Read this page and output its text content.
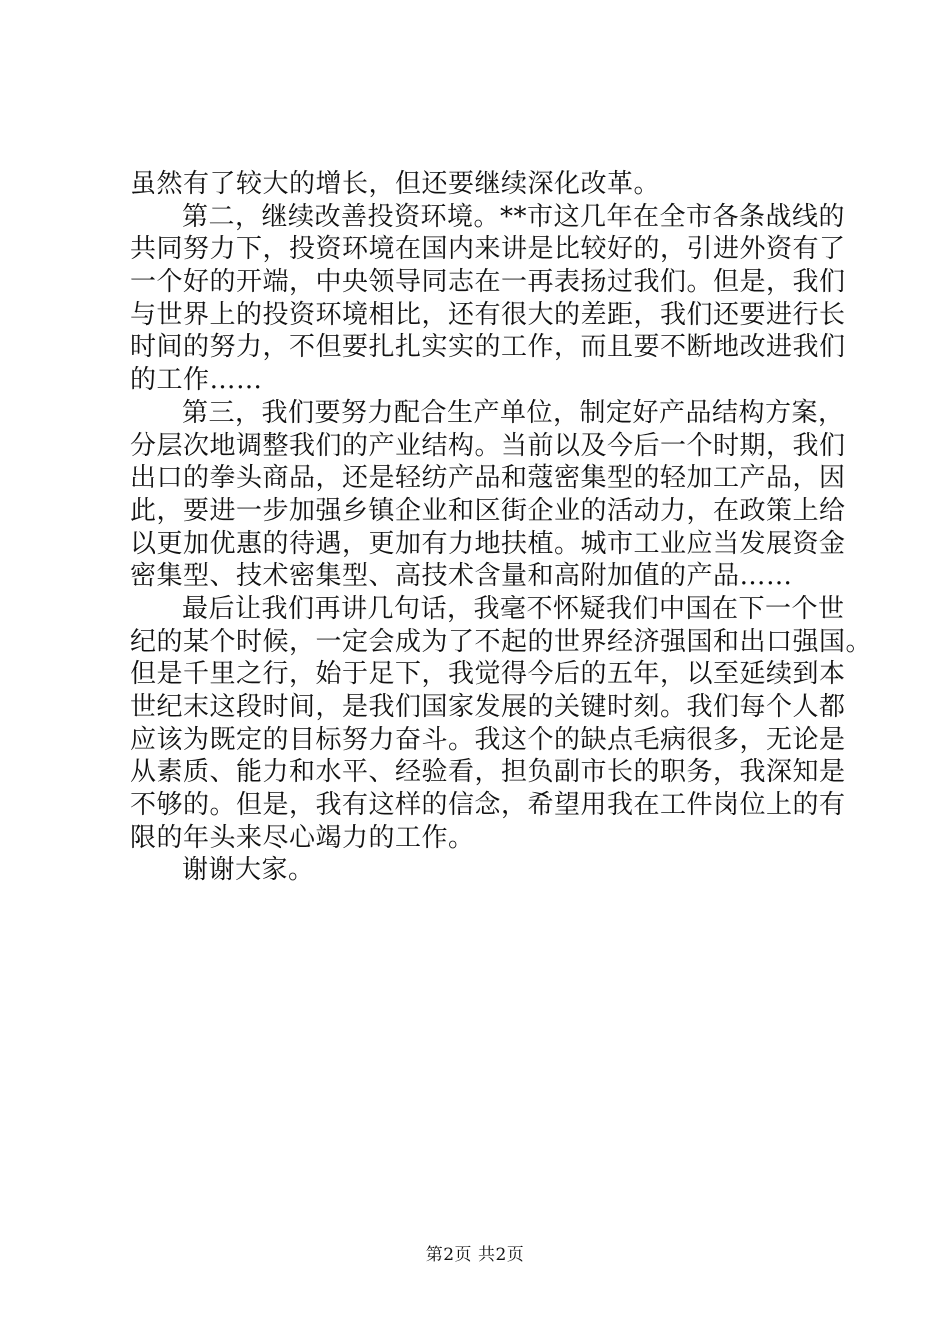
虽然有了较大的增长，但还要继续深化改革。
第二，继续改善投资环境。**市这几年在全市各条战线的
共同努力下，投资环境在国内来讲是比较好的，引进外资有了
一个好的开端，中央领导同志在一再表扬过我们。但是，我们
与世界上的投资环境相比，还有很大的差距，我们还要进行长
时间的努力，不但要扎扎实实的工作，而且要不断地改进我们
的工作……
第三，我们要努力配合生产单位，制定好产品结构方案，
分层次地调整我们的产业结构。当前以及今后一个时期，我们
出口的拳头商品，还是轻纺产品和蔻密集型的轻加工产品，因
此，要进一步加强乡镇企业和区街企业的活动力，在政策上给
以更加优惠的待遇，更加有力地扶植。城市工业应当发展资金
密集型、技术密集型、高技术含量和高附加值的产品……
最后让我们再讲几句话，我毫不怀疑我们中国在下一个世
纪的某个时候，一定会成为了不起的世界经济强国和出口强国。
但是千里之行，始于足下，我觉得今后的五年，以至延续到本
世纪末这段时间，是我们国家发展的关键时刻。我们每个人都
应该为既定的目标努力奋斗。我这个的缺点毛病很多，无论是
从素质、能力和水平、经验看，担负副市长的职务，我深知是
不够的。但是，我有这样的信念，希望用我在工件岗位上的有
限的年头来尽心竭力的工作。
谢谢大家。
第2页 共2页
